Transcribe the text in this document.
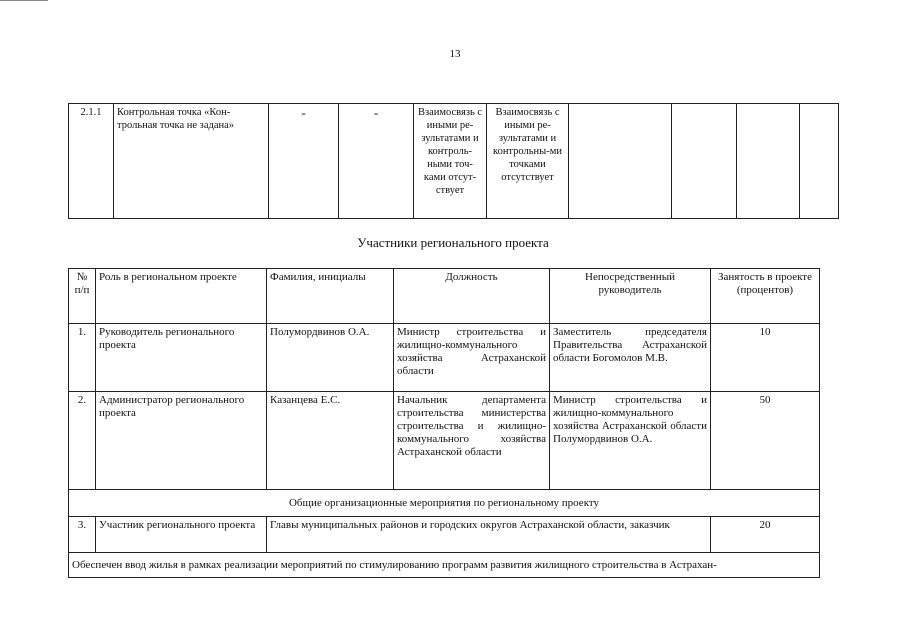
13
2.1.1	Контрольная точка «Кон-трольная точка не задана»	-	-	Взаимосвязь с иными ре-зультатами и контроль-ными точ-ками отсут-ствует	Взаимосвязь с иными ре-зультатами и контрольны-ми точками отсутствует				
Участники регионального проекта
№ п/п	Роль в региональном проекте	Фамилия, инициалы	Должность	Непосредственный руководитель	Занятость в проекте (процентов)
1.	Руководитель регионального проекта	Полумордвинов О.А.	Министр строительства и жилищно-коммунального хозяйства Астраханской области	Заместитель председателя Правительства Астраханской области Богомолов М.В.	10
2.	Администратор регионального проекта	Казанцева Е.С.	Начальник департамента строительства министерства строительства и жилищно-коммунального хозяйства Астраханской области	Министр строительства и жилищно-коммунального хозяйства Астраханской области Полумордвинов О.А.	50
Общие организационные мероприятия по региональному проекту					
3.	Участник регионального проекта	Главы муниципальных районов и городских округов Астраханской области, заказчик			20
Обеспечен ввод жилья в рамках реализации мероприятий по стимулированию программ развития жилищного строительства в Астрахан-					
